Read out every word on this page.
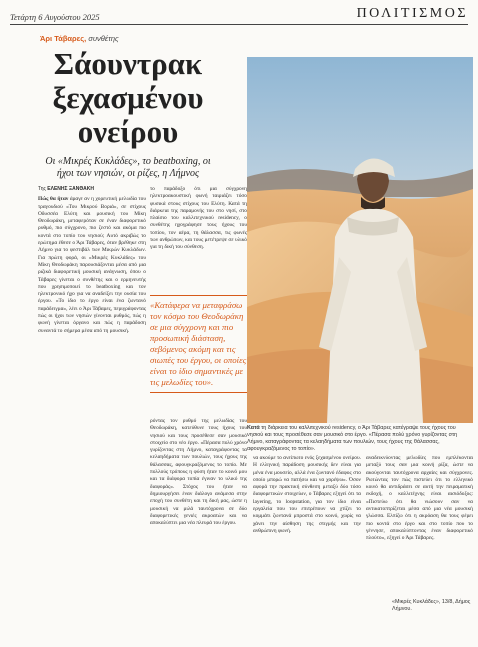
Τετάρτη 6 Αυγούστου 2025	ΠΟΛΙΤΙΣΜΟΣ
Άρι Τάβαρες, συνθέτης
Σάουντρακ
ξεχασμένου
ονείρου

Οι «Μικρές Κυκλάδες», το beatboxing, οι ήχοι των νησιών, οι ρίζες, η Λήμνος

Κατά τη διάρκεια του καλλιτεχνικού residency, ο Άρι Τάβαρες κατέγραψε τους ήχους του νησιού και τους προσέθεσε σαν μουσικό στο έργο. «Πέρασα πολύ χρόνο γυρίζοντας στη Λήμνο, καταγράφοντας τα κελαηδήματα των πουλιών, τους ήχους της θάλασσας, αφουγκραζόμενος το τοπίο».

Της ΕΛΕΝΗΣ ΞΑΝΘΑΚΗ

Πώς θα ήταν άραγε αν η χορευτική μελωδία του τραγουδιού «Του Μικρού Βοριά», σε στίχους Οδυσσέα Ελύτη και μουσική του Μίκη Θεοδωράκη, μεταφερόταν σε έναν διαφορετικό ρυθμό, πιο σύγχρονο, πιο ζεστό και ακόμα πιο κοντά στο τοπίο του νησιού; Αυτό ακριβώς το ερώτημα έθεσε ο Άρι Τάβαρες, όταν βρέθηκε στη Λήμνο για το φεστιβάλ των Μικρών Κυκλάδων. Για πρώτη φορά, οι «Μικρές Κυκλάδες» του Μίκη Θεοδωράκη παρουσιάζονται μέσα από μια ριζικά διαφορετική μουσική ανάγνωση, όπου ο Τάβαρες γίνεται ο συνθέτης και ο ερμηνευτής που χρησιμοποιεί το beatboxing και τον ηλεκτρονικό ήχο για να αναδείξει την ουσία του έργου. «Το ίδιο το έργο είναι ένα ζωντανό παράδειγμα», λέει ο Άρι Τάβαρες, περιγράφοντας πώς οι ήχοι των νησιών γίνονται ρυθμός, πώς η φωνή γίνεται όργανο και πώς η παράδοση συναντά το σήμερα μέσα από τη μουσική.

το παράδοξο ότι μια σύγχρονη ηλεκτροακουστική φωνή ταιριάζει τόσο φυσικά στους στίχους του Ελύτη. Κατά τη διάρκεια της παραμονής του στο νησί, στο πλαίσιο του καλλιτεχνικού residency, ο συνθέτης ηχογράφησε τους ήχους του τοπίου, τον αέρα, τη θάλασσα, τις φωνές των ανθρώπων, και τους μετέτρεψε σε υλικό για τη δική του σύνθεση.

«Κατάφερα να μεταφράσω τον κόσμο του Θεοδωράκη σε μια σύγχρονη και πιο προσωπική διάσταση, σεβόμενος ακόμη και τις σιωπές του έργου, οι οποίες είναι το ίδιο σημαντικές με τις μελωδίες του».

ρόντας τον ρυθμό της μελωδίας του Θεοδωράκη, κατεύθυνε τους ήχους του νησιού και τους προσέθεσε σαν μουσικό στοιχείο στο νέο έργο. «Πέρασα πολύ χρόνο γυρίζοντας στη Λήμνο, καταγράφοντας τα κελαηδήματα των πουλιών, τους ήχους της θάλασσας, αφουγκραζόμενος το τοπίο. Με πολλούς τρόπους η φύση ήταν το κοινό μου και τα διάφορα τοπία έγιναν το υλικό της διαφοράς». Στόχος του ήταν να δημιουργήσει έναν διάλογο ανάμεσα στην εποχή του συνθέτη και τη δική μας, ώστε η μουσική να μιλά ταυτόχρονα σε δύο διαφορετικές γενιές ακροατών και να αποκαλύπτει μια νέα πλευρά του έργου.

να ακούμε το ανείπωτο ενός ξεχασμένου ονείρου. Η ελληνική παράδοση μουσικής δεν είναι για μένα ένα μουσείο, αλλά ένα ζωντανό έδαφος στο οποίο μπορώ να πατήσω και να χορέψω». Όσον αφορά την πρακτική σύνθεση μεταξύ δύο τόσο διαφορετικών στοιχείων, ο Τάβαρες εξηγεί ότι τα layering, το loopstation, για τον ίδιο είναι εργαλεία που του επιτρέπουν να χτίζει το κομμάτι ζωντανά μπροστά στο κοινό, χωρίς να χάνει την αίσθηση της στιγμής και την ανθρώπινη φωνή.

αναδεικνύοντας μελωδίες που εμπλέκονται μεταξύ τους σαν μια κοινή ρίζα, ώστε να ακούγονται ταυτόχρονα αρχαίες και σύγχρονες. Ρωτώντας τον πώς πιστεύει ότι το ελληνικό κοινό θα αντιδράσει σε αυτή την πειραματική εκδοχή, ο καλλιτέχνης είναι αισιόδοξος: «Πιστεύω ότι θα νιώσουν σαν να αντικατοπτρίζεται μέσα από μια νέα μουσική γλώσσα. Ελπίζω ότι η ακρόαση θα τους φέρει πιο κοντά στο έργο και στο τοπίο που το γέννησε, αποκαλύπτοντας έναν διαφορετικό πλούτο», εξηγεί ο Άρι Τάβαρες.

«Μικρές Κυκλάδες», 13/8, Δήμος Λήμνου.
